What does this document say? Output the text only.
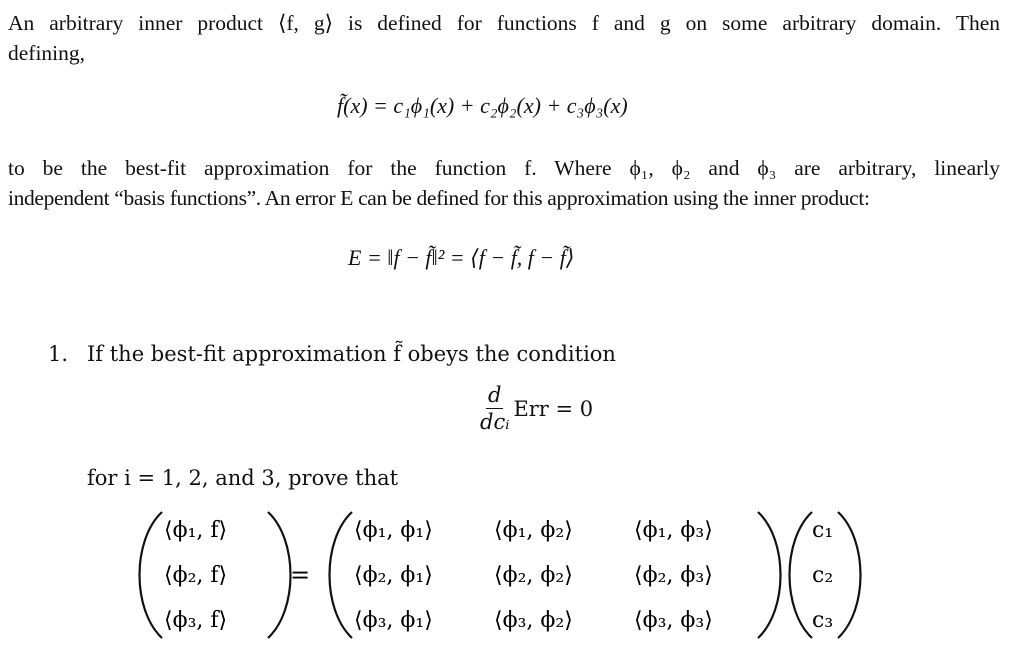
An arbitrary inner product ⟨f, g⟩ is defined for functions f and g on some arbitrary domain. Then
defining,
f̃(x) = c₁ϕ₁(x) + c₂ϕ₂(x) + c₃ϕ₃(x)
to be the best-fit approximation for the function f. Where ϕ₁, ϕ₂ and ϕ₃ are arbitrary, linearly
independent “basis functions”. An error E can be defined for this approximation using the inner product:
E = ‖f − f̃‖² = ⟨f − f̃, f − f̃⟩
1. If the best-fit approximation f̃ obeys the condition
$\frac{d}{\text{dcᵢ}}$ Err = 0
for i = 1, 2, and 3, prove that
⟨ϕ₁, f⟩
⟨ϕ₂, f⟩
⟨ϕ₃, f⟩
=
⟨ϕ₁, ϕ₁⟩	⟨ϕ₁, ϕ₂⟩	⟨ϕ₁, ϕ₃⟩
⟨ϕ₂, ϕ₁⟩	⟨ϕ₂, ϕ₂⟩	⟨ϕ₂, ϕ₃⟩
⟨ϕ₃, ϕ₁⟩	⟨ϕ₃, ϕ₂⟩	⟨ϕ₃, ϕ₃⟩
c₁
c₂
c₃
